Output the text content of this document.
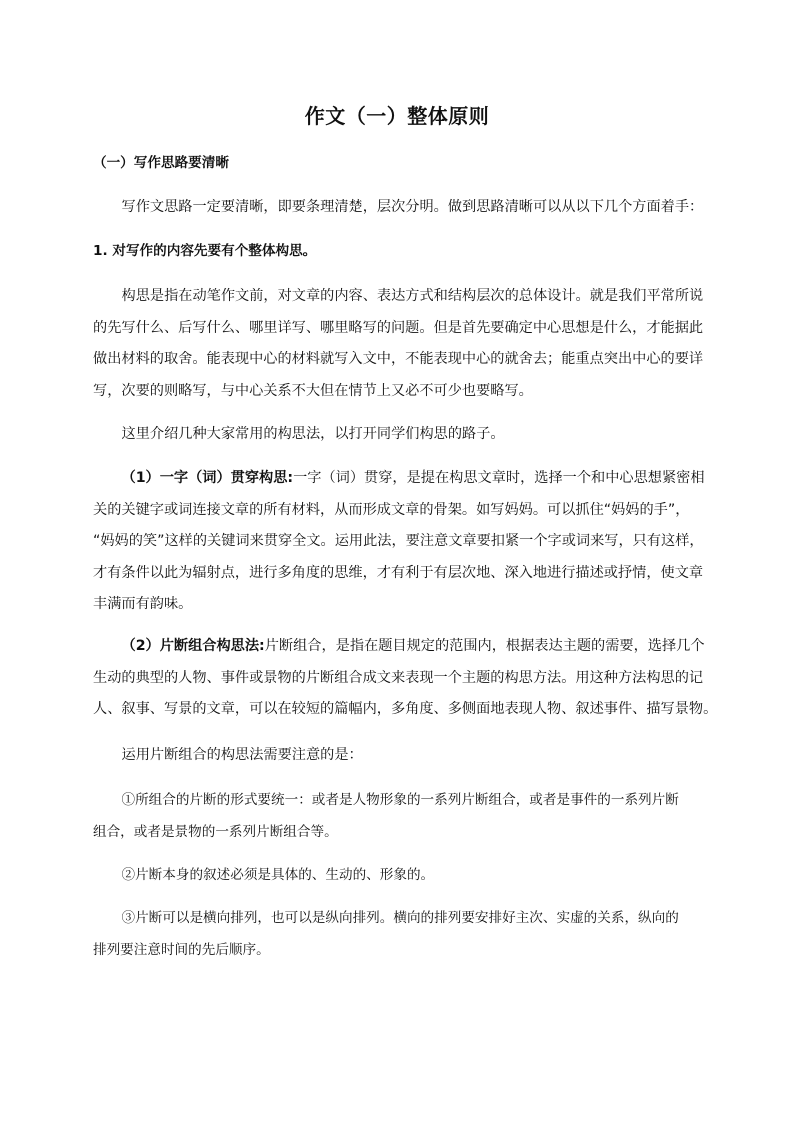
作文（一）整体原则
（一）写作思路要清晰
写作文思路一定要清晰，即要条理清楚，层次分明。做到思路清晰可以从以下几个方面着手：
1. 对写作的内容先要有个整体构思。
构思是指在动笔作文前，对文章的内容、表达方式和结构层次的总体设计。就是我们平常所说
的先写什么、后写什么、哪里详写、哪里略写的问题。但是首先要确定中心思想是什么，才能据此
做出材料的取舍。能表现中心的材料就写入文中，不能表现中心的就舍去；能重点突出中心的要详
写，次要的则略写，与中心关系不大但在情节上又必不可少也要略写。
这里介绍几种大家常用的构思法，以打开同学们构思的路子。
（1）一字（词）贯穿构思:一字（词）贯穿，是提在构思文章时，选择一个和中心思想紧密相
关的关键字或词连接文章的所有材料，从而形成文章的骨架。如写妈妈。可以抓住“妈妈的手”，
“妈妈的笑”这样的关键词来贯穿全文。运用此法，要注意文章要扣紧一个字或词来写，只有这样，
才有条件以此为辐射点，进行多角度的思维，才有利于有层次地、深入地进行描述或抒情，使文章
丰满而有韵味。
（2）片断组合构思法:片断组合，是指在题目规定的范围内，根据表达主题的需要，选择几个
生动的典型的人物、事件或景物的片断组合成文来表现一个主题的构思方法。用这种方法构思的记
人、叙事、写景的文章，可以在较短的篇幅内，多角度、多侧面地表现人物、叙述事件、描写景物。
运用片断组合的构思法需要注意的是：
①所组合的片断的形式要统一：或者是人物形象的一系列片断组合，或者是事件的一系列片断
组合，或者是景物的一系列片断组合等。
②片断本身的叙述必须是具体的、生动的、形象的。
③片断可以是横向排列，也可以是纵向排列。横向的排列要安排好主次、实虚的关系，纵向的
排列要注意时间的先后顺序。
